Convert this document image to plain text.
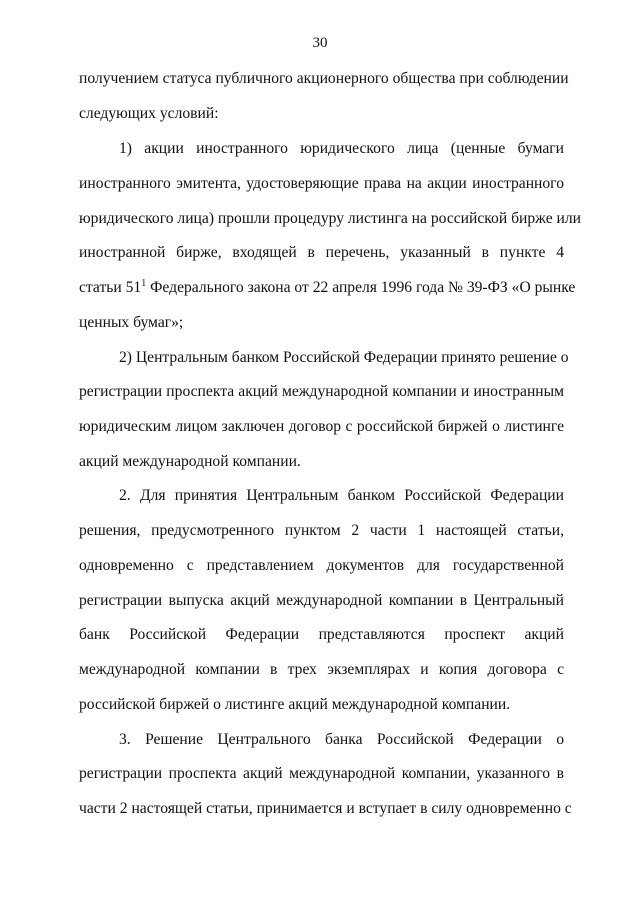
30
получением статуса публичного акционерного общества при соблюдении
следующих условий:
1) акции иностранного юридического лица (ценные бумаги
иностранного эмитента, удостоверяющие права на акции иностранного
юридического лица) прошли процедуру листинга на российской бирже или
иностранной бирже, входящей в перечень, указанный в пункте 4
статьи $51^1$ Федерального закона от 22 апреля 1996 года № 39-ФЗ «О рынке
ценных бумаг»;
2) Центральным банком Российской Федерации принято решение о
регистрации проспекта акций международной компании и иностранным
юридическим лицом заключен договор с российской биржей о листинге
акций международной компании.
2. Для принятия Центральным банком Российской Федерации
решения, предусмотренного пунктом 2 части 1 настоящей статьи,
одновременно с представлением документов для государственной
регистрации выпуска акций международной компании в Центральный
банк Российской Федерации представляются проспект акций
международной компании в трех экземплярах и копия договора с
российской биржей о листинге акций международной компании.
3. Решение Центрального банка Российской Федерации о
регистрации проспекта акций международной компании, указанного в
части 2 настоящей статьи, принимается и вступает в силу одновременно с
